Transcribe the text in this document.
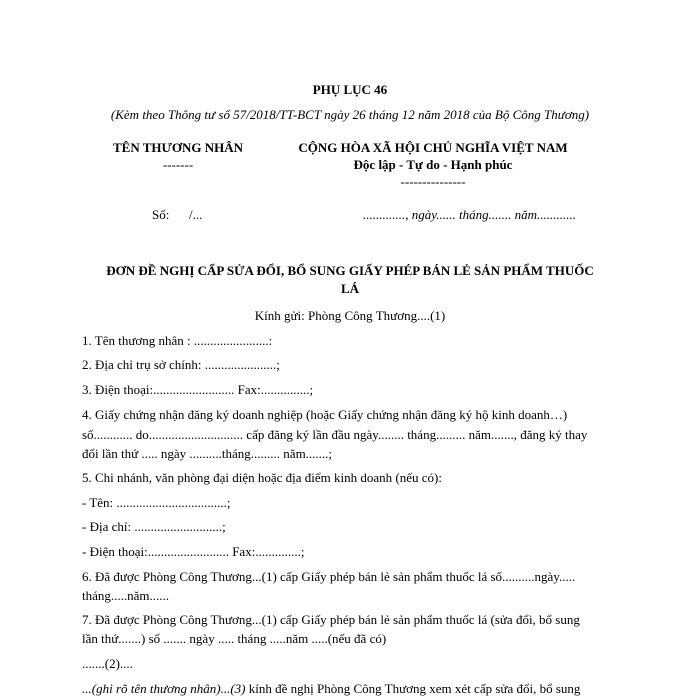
PHỤ LỤC 46
(Kèm theo Thông tư số 57/2018/TT-BCT ngày 26 tháng 12 năm 2018 của Bộ Công Thương)
TÊN THƯƠNG NHÂN
-------
CỘNG HÒA XÃ HỘI CHỦ NGHĨA VIỆT NAM
Độc lập - Tự do - Hạnh phúc
---------------
Số: /...	............., ngày...... tháng....... năm............
ĐƠN ĐỀ NGHỊ CẤP SỬA ĐỔI, BỔ SUNG GIẤY PHÉP BÁN LẺ SẢN PHẨM THUỐC
LÁ
Kính gửi: Phòng Công Thương....(1)
1. Tên thương nhân : .......................:
2. Địa chỉ trụ sở chính: ......................;
3. Điện thoại:......................... Fax:...............;
4. Giấy chứng nhận đăng ký doanh nghiệp (hoặc Giấy chứng nhận đăng ký hộ kinh doanh…)
số............ do............................. cấp đăng ký lần đầu ngày........ tháng......... năm......., đăng ký thay
đổi lần thứ ..... ngày ..........tháng......... năm.......;
5. Chi nhánh, văn phòng đại diện hoặc địa điểm kinh doanh (nếu có):
- Tên: ..................................;
- Địa chỉ: ...........................;
- Điện thoại:......................... Fax:..............;
6. Đã được Phòng Công Thương...(1) cấp Giấy phép bán lẻ sản phẩm thuốc lá số..........ngày.....
tháng.....năm......
7. Đã được Phòng Công Thương...(1) cấp Giấy phép bán lẻ sản phẩm thuốc lá (sửa đổi, bổ sung
lần thứ.......) số ....... ngày ..... tháng .....năm .....(nếu đã có)
.......(2)....
...(ghi rõ tên thương nhân)...(3) kính đề nghị Phòng Công Thương xem xét cấp sửa đổi, bổ sung
